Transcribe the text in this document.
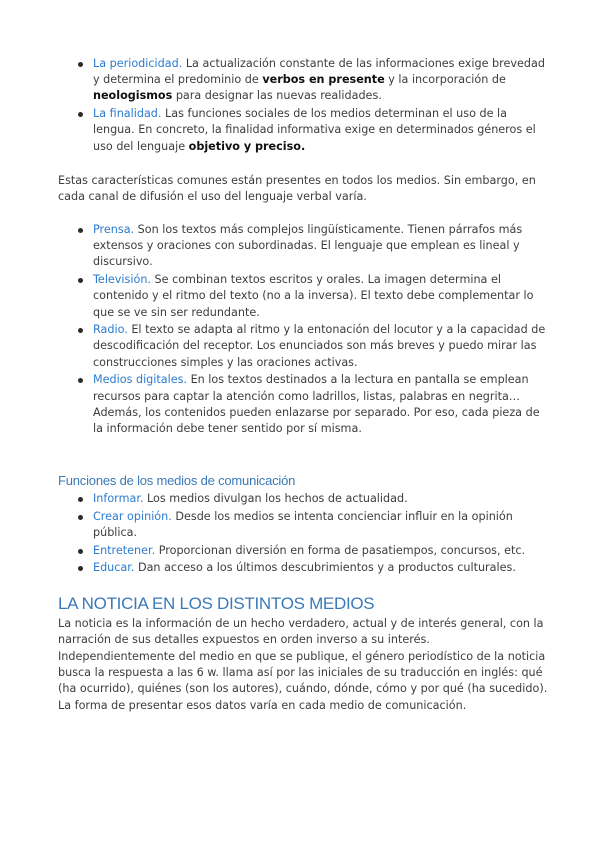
La periodicidad. La actualización constante de las informaciones exige brevedad y determina el predominio de verbos en presente y la incorporación de neologismos para designar las nuevas realidades.
La finalidad. Las funciones sociales de los medios determinan el uso de la lengua. En concreto, la finalidad informativa exige en determinados géneros el uso del lenguaje objetivo y preciso.

Estas características comunes están presentes en todos los medios. Sin embargo, en cada canal de difusión el uso del lenguaje verbal varía.

Prensa. Son los textos más complejos lingüísticamente. Tienen párrafos más extensos y oraciones con subordinadas. El lenguaje que emplean es lineal y discursivo.
Televisión. Se combinan textos escritos y orales. La imagen determina el contenido y el ritmo del texto (no a la inversa). El texto debe complementar lo que se ve sin ser redundante.
Radio. El texto se adapta al ritmo y la entonación del locutor y a la capacidad de descodificación del receptor. Los enunciados son más breves y puedo mirar las construcciones simples y las oraciones activas.
Medios digitales. En los textos destinados a la lectura en pantalla se emplean recursos para captar la atención como ladrillos, listas, palabras en negrita… Además, los contenidos pueden enlazarse por separado. Por eso, cada pieza de la información debe tener sentido por sí misma.
Funciones de los medios de comunicación
Informar. Los medios divulgan los hechos de actualidad.
Crear opinión. Desde los medios se intenta concienciar influir en la opinión pública.
Entretener. Proporcionan diversión en forma de pasatiempos, concursos, etc.
Educar. Dan acceso a los últimos descubrimientos y a productos culturales.
LA NOTICIA EN LOS DISTINTOS MEDIOS

La noticia es la información de un hecho verdadero, actual y de interés general, con la narración de sus detalles expuestos en orden inverso a su interés.

Independientemente del medio en que se publique, el género periodístico de la noticia busca la respuesta a las 6 w. llama así por las iniciales de su traducción en inglés: qué (ha ocurrido), quiénes (son los autores), cuándo, dónde, cómo y por qué (ha sucedido). La forma de presentar esos datos varía en cada medio de comunicación.
